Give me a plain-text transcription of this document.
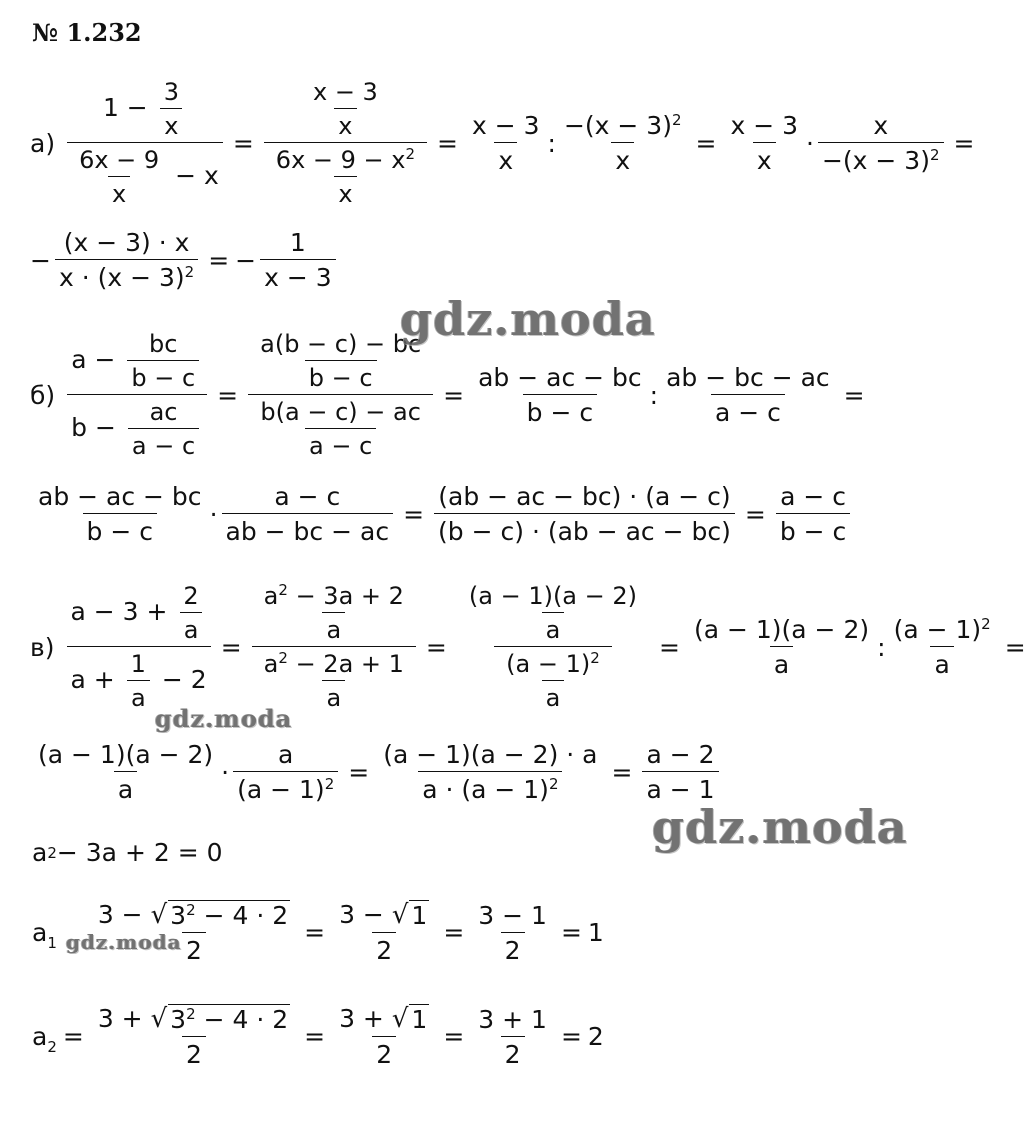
№ 1.232
$а) \frac{1 - \frac{3}{x}}{\frac{6x - 9}{x} - x} = \frac{\frac{x - 3}{x}}{\frac{6x - 9 - x^2}{x}} = \frac{x - 3}{x}$ : $\frac{-(x - 3)^2}{x} = \frac{x - 3}{x} \cdot \frac{x}{-(x - 3)^2}$ =
− $\frac{(x - 3) \cdot x}{x \cdot (x - 3)^2}$ = − $\frac{1}{x - 3}$
$б) \frac{a - \frac{bc}{b - c}}{b - \frac{ac}{a - c}} = \frac{\frac{a(b - c) - bc}{b - c}}{\frac{b(a - c) - ac}{a - c}} = \frac{ab - ac - bc}{b - c}$ : $\frac{ab - bc - ac}{a - c}$ =
$\frac{ab - ac - bc}{b - c} \cdot \frac{a - c}{ab - bc - ac} = \frac{(ab - ac - bc) \cdot (a - c)}{(b - c) \cdot (ab - ac - bc)} = \frac{a - c}{b - c}$
$в) \frac{a - 3 + \frac{2}{a}}{a + \frac{1}{a} - 2} = \frac{\frac{a^2 - 3a + 2}{a}}{\frac{a^2 - 2a + 1}{a}} = \frac{\frac{(a - 1)(a - 2)}{a}}{\frac{(a - 1)^2}{a}} = \frac{(a - 1)(a - 2)}{a}$ : $\frac{(a - 1)^2}{a}$ =
$\frac{(a - 1)(a - 2)}{a} \cdot \frac{a}{(a - 1)^2} = \frac{(a - 1)(a - 2) \cdot a}{a \cdot (a - 1)^2} = \frac{a - 2}{a - 1}$
a 2 − 3a + 2 = 0
$a_1 \frac{3 - √ 3^2 - 4 \cdot 2}{2} = \frac{3 - √ 1}{2} = \frac{3 - 1}{2} = 1$
$a_2 = \frac{3 + √ 3^2 - 4 \cdot 2}{2} = \frac{3 + √ 1}{2} = \frac{3 + 1}{2} = 2$
gdz.moda
gdz.moda
gdz.moda
gdz.moda
